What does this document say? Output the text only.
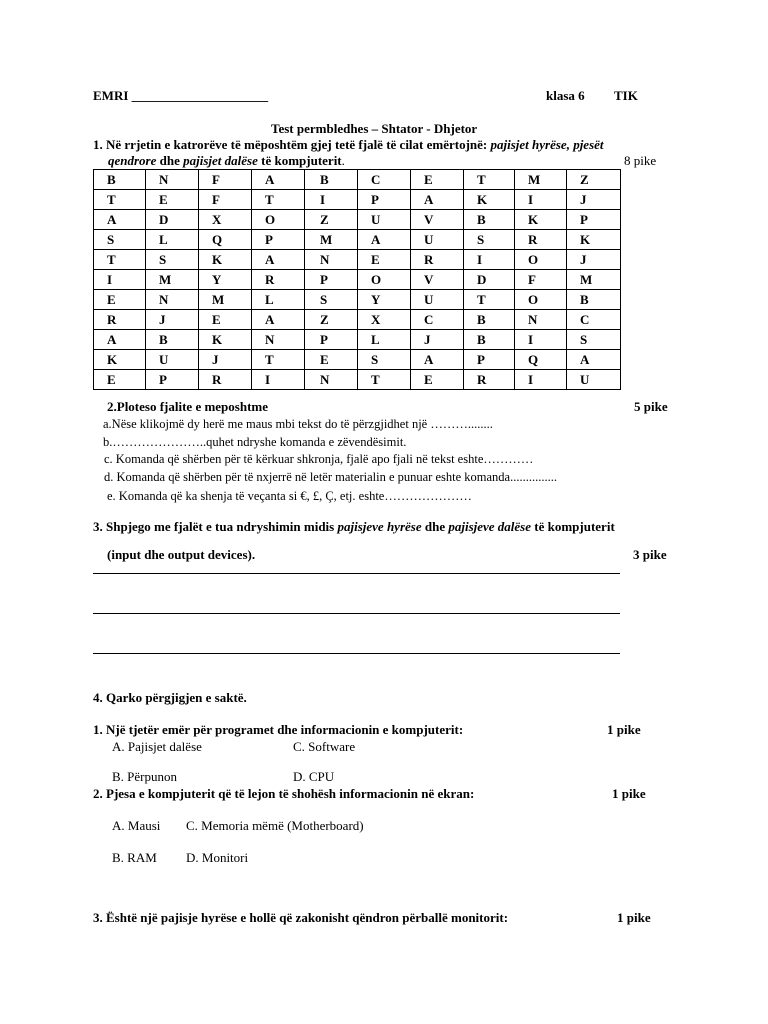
EMRI _____________________	klasa 6 TIK
Test permbledhes – Shtator - Dhjetor
1. Në rrjetin e katrorëve të mëposhtëm gjej tetë fjalë të cilat emërtojnë: pajisjet hyrëse, pjesët
qendrore dhe pajisjet dalëse të kompjuterit.	8 pike
B	N	F	A	B	C	E	T	M	Z
T	E	F	T	I	P	A	K	I	J
A	D	X	O	Z	U	V	B	K	P
S	L	Q	P	M	A	U	S	R	K
T	S	K	A	N	E	R	I	O	J
I	M	Y	R	P	O	V	D	F	M
E	N	M	L	S	Y	U	T	O	B
R	J	E	A	Z	X	C	B	N	C
A	B	K	N	P	L	J	B	I	S
K	U	J	T	E	S	A	P	Q	A
E	P	R	I	N	T	E	R	I	U
2.Ploteso fjalite e meposhtme	5 pike
a.Nëse klikojmë dy herë me maus mbi tekst do të përzgjidhet një ………........
b.…………………..quhet ndryshe komanda e zëvendësimit.
c. Komanda që shërben për të kërkuar shkronja, fjalë apo fjali në tekst eshte…………
d. Komanda që shërben për të nxjerrë në letër materialin e punuar eshte komanda...............
e. Komanda që ka shenja të veçanta si €, £, Ç, etj. eshte…………………
3. Shpjego me fjalët e tua ndryshimin midis pajisjeve hyrëse dhe pajisjeve dalëse të kompjuterit
(input dhe output devices).	3 pike
4. Qarko përgjigjen e saktë.
1. Një tjetër emër për programet dhe informacionin e kompjuterit:	1 pike
A. Pajisjet dalëse	C. Software
B. Përpunon	D. CPU
2. Pjesa e kompjuterit që të lejon të shohësh informacionin në ekran:	1 pike
A. Mausi C. Memoria mëmë (Motherboard)
B. RAM D. Monitori
3. Është një pajisje hyrëse e hollë që zakonisht qëndron përballë monitorit:	1 pike
